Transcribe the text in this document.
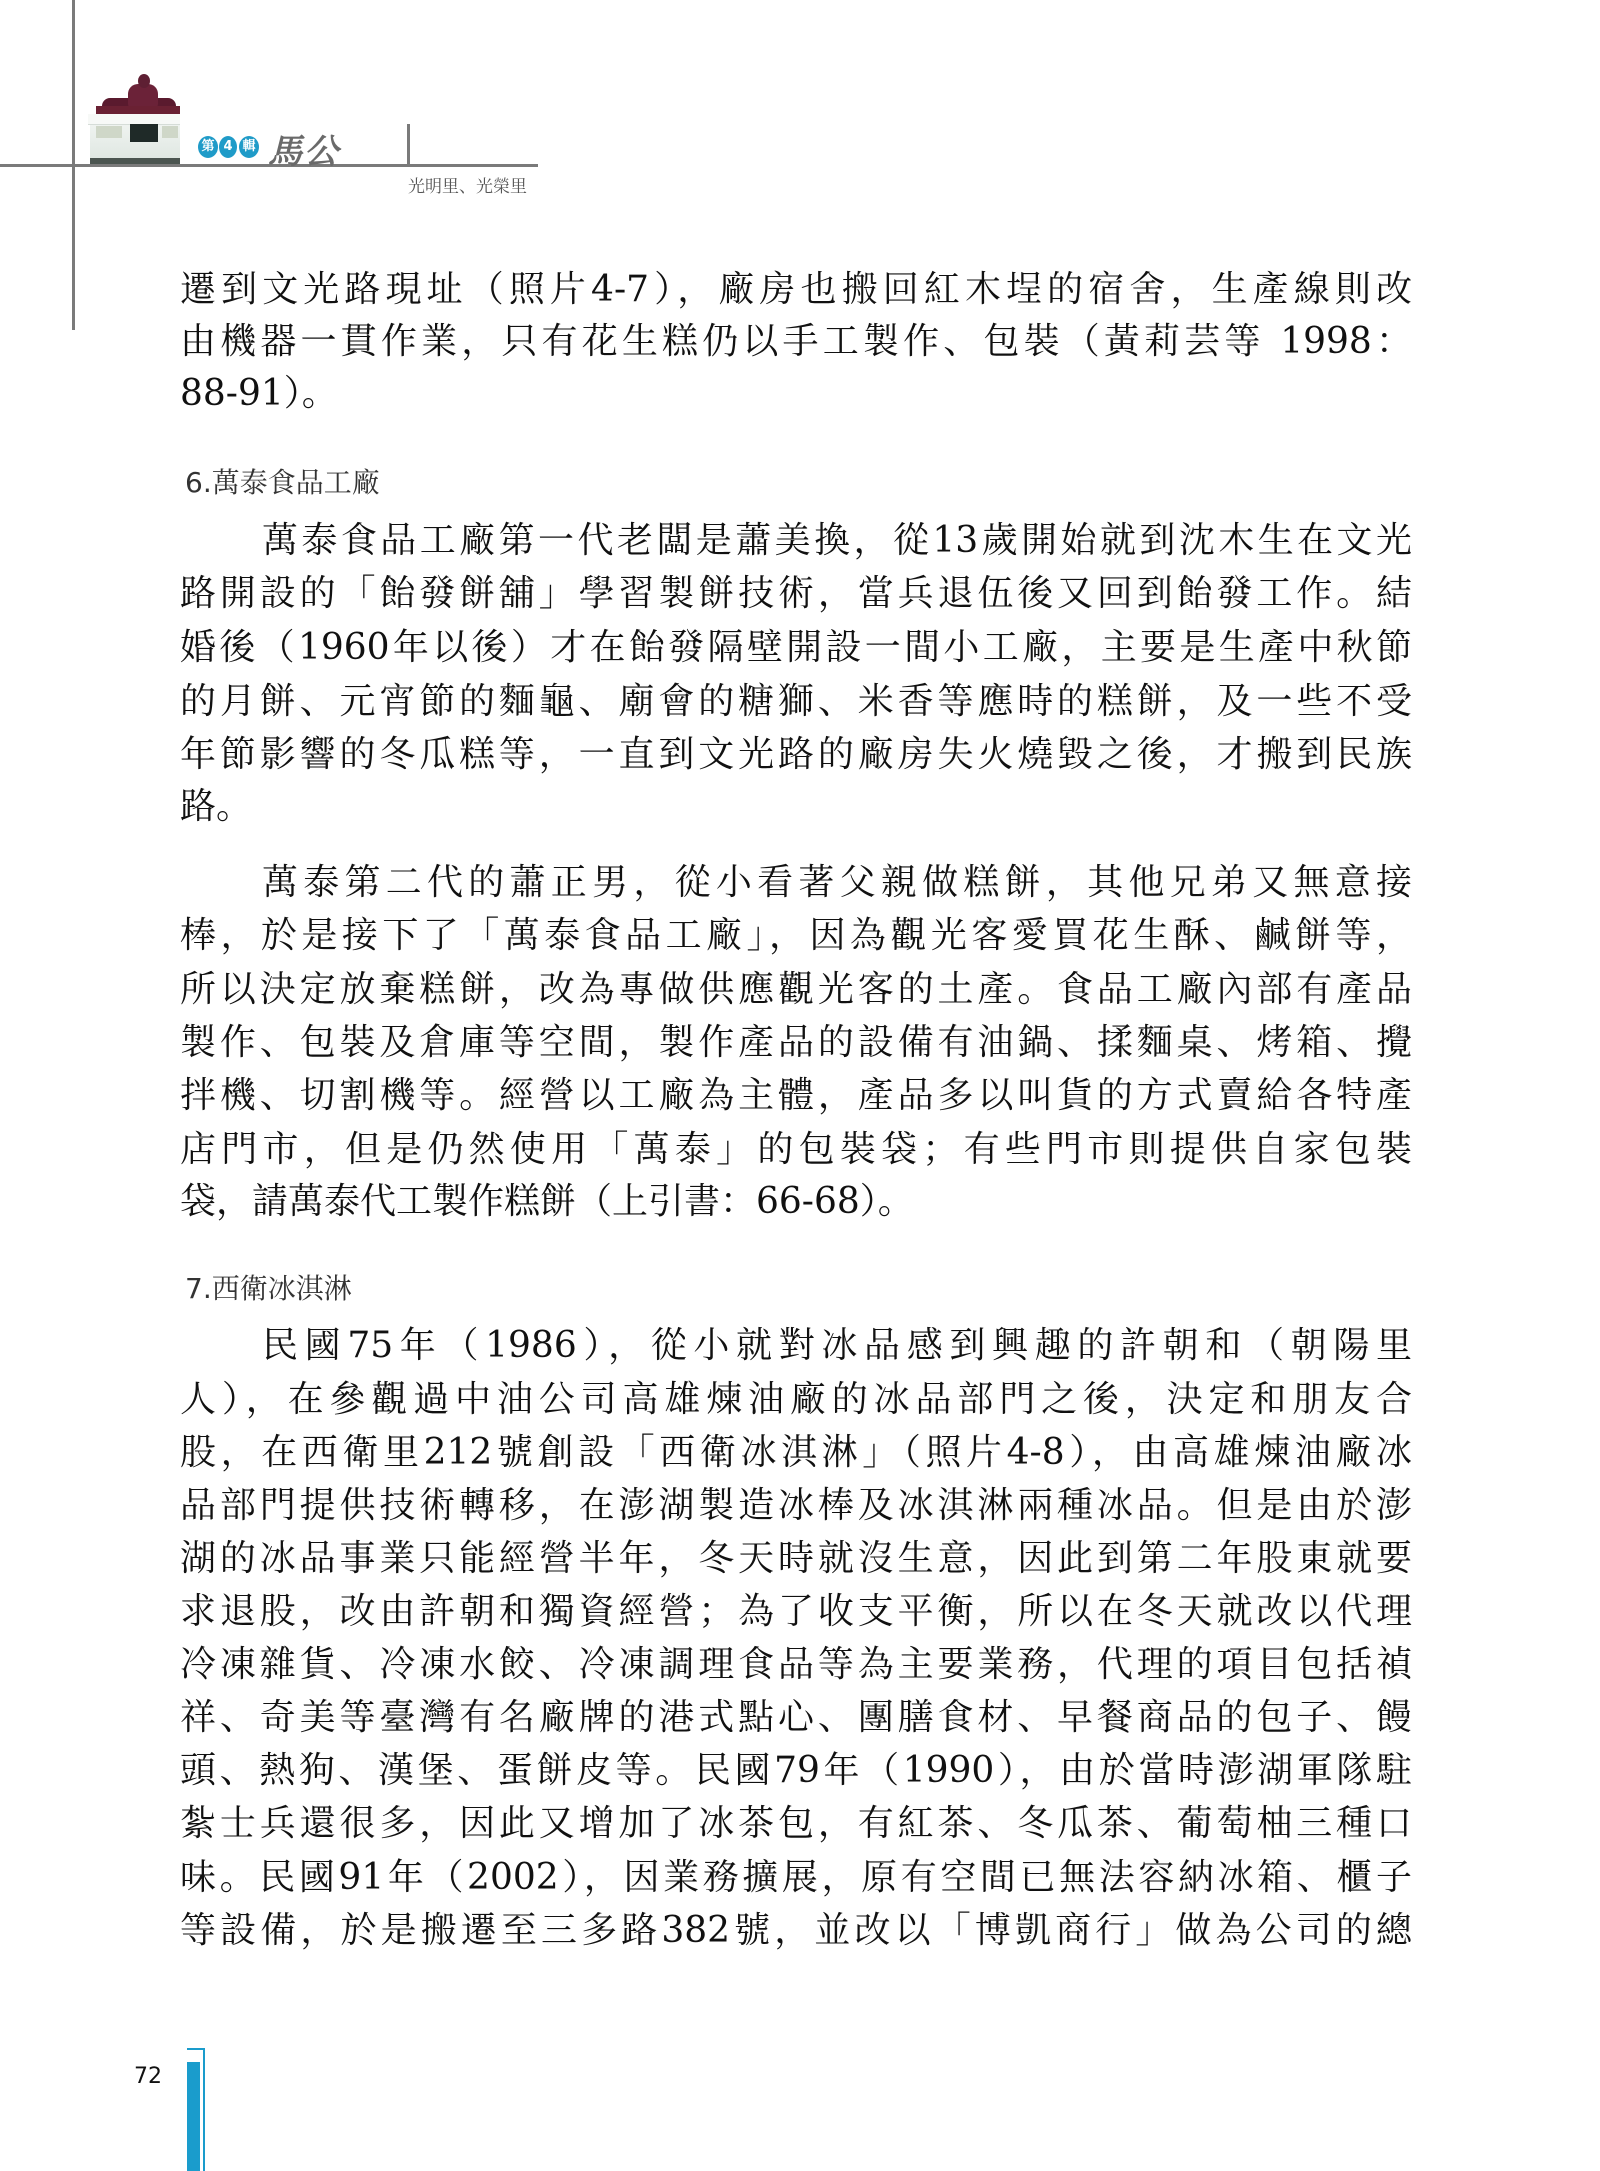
第 4 輯 馬公
光明里、光榮里
遷到文光路現址（照片4-7），廠房也搬回紅木埕的宿舍，生產線則改
由機器一貫作業，只有花生糕仍以手工製作、包裝（黃莉芸等 1998：
88-91）。
6.萬泰食品工廠
萬泰食品工廠第一代老闆是蕭美換，從13歲開始就到沈木生在文光
路開設的「飴發餅舖」學習製餅技術，當兵退伍後又回到飴發工作。結
婚後（1960年以後）才在飴發隔壁開設一間小工廠，主要是生產中秋節
的月餅、元宵節的麵龜、廟會的糖獅、米香等應時的糕餅，及一些不受
年節影響的冬瓜糕等，一直到文光路的廠房失火燒毀之後，才搬到民族
路。
萬泰第二代的蕭正男，從小看著父親做糕餅，其他兄弟又無意接
棒，於是接下了「萬泰食品工廠」，因為觀光客愛買花生酥、鹹餅等，
所以決定放棄糕餅，改為專做供應觀光客的土產。食品工廠內部有產品
製作、包裝及倉庫等空間，製作產品的設備有油鍋、揉麵桌、烤箱、攪
拌機、切割機等。經營以工廠為主體，產品多以叫貨的方式賣給各特產
店門市，但是仍然使用「萬泰」的包裝袋；有些門市則提供自家包裝
袋，請萬泰代工製作糕餅（上引書：66-68）。
7.西衛冰淇淋
民國75年（1986），從小就對冰品感到興趣的許朝和（朝陽里
人），在參觀過中油公司高雄煉油廠的冰品部門之後，決定和朋友合
股，在西衛里212號創設「西衛冰淇淋」（照片4-8），由高雄煉油廠冰
品部門提供技術轉移，在澎湖製造冰棒及冰淇淋兩種冰品。但是由於澎
湖的冰品事業只能經營半年，冬天時就沒生意，因此到第二年股東就要
求退股，改由許朝和獨資經營；為了收支平衡，所以在冬天就改以代理
冷凍雜貨、冷凍水餃、冷凍調理食品等為主要業務，代理的項目包括禎
祥、奇美等臺灣有名廠牌的港式點心、團膳食材、早餐商品的包子、饅
頭、熱狗、漢堡、蛋餅皮等。民國79年（1990），由於當時澎湖軍隊駐
紮士兵還很多，因此又增加了冰茶包，有紅茶、冬瓜茶、葡萄柚三種口
味。民國91年（2002），因業務擴展，原有空間已無法容納冰箱、櫃子
等設備，於是搬遷至三多路382號，並改以「博凱商行」做為公司的總
72
